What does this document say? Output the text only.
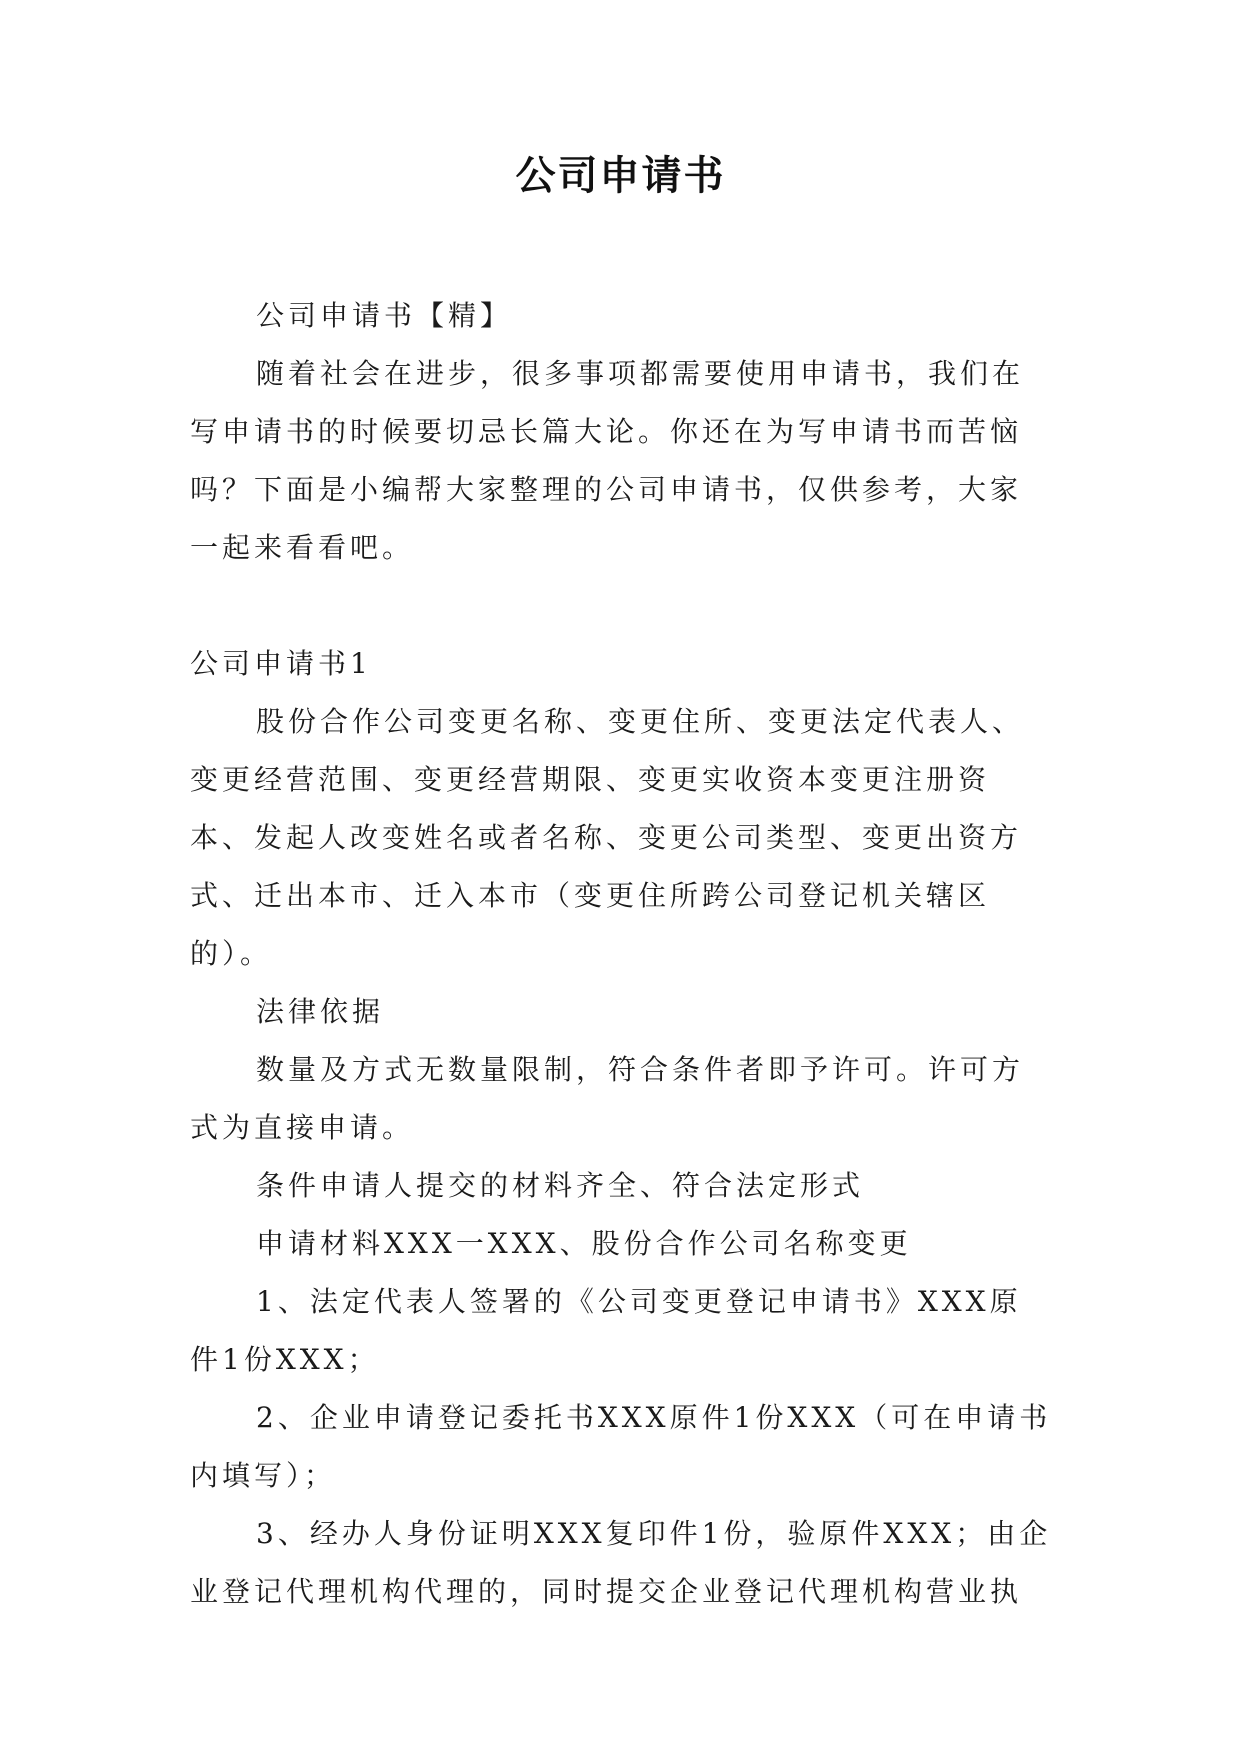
公司申请书

公司申请书【精】

随着社会在进步，很多事项都需要使用申请书，我们在写申请书的时候要切忌长篇大论。你还在为写申请书而苦恼吗？下面是小编帮大家整理的公司申请书，仅供参考，大家一起来看看吧。

公司申请书1

股份合作公司变更名称、变更住所、变更法定代表人、变更经营范围、变更经营期限、变更实收资本变更注册资本、发起人改变姓名或者名称、变更公司类型、变更出资方式、迁出本市、迁入本市（变更住所跨公司登记机关辖区的）。

法律依据

数量及方式无数量限制，符合条件者即予许可。许可方式为直接申请。

条件申请人提交的材料齐全、符合法定形式

申请材料XXX一XXX、股份合作公司名称变更

1、法定代表人签署的《公司变更登记申请书》XXX原件1份XXX；

2、企业申请登记委托书XXX原件1份XXX（可在申请书内填写）；

3、经办人身份证明XXX复印件1份，验原件XXX；由企业登记代理机构代理的，同时提交企业登记代理机构营业执
